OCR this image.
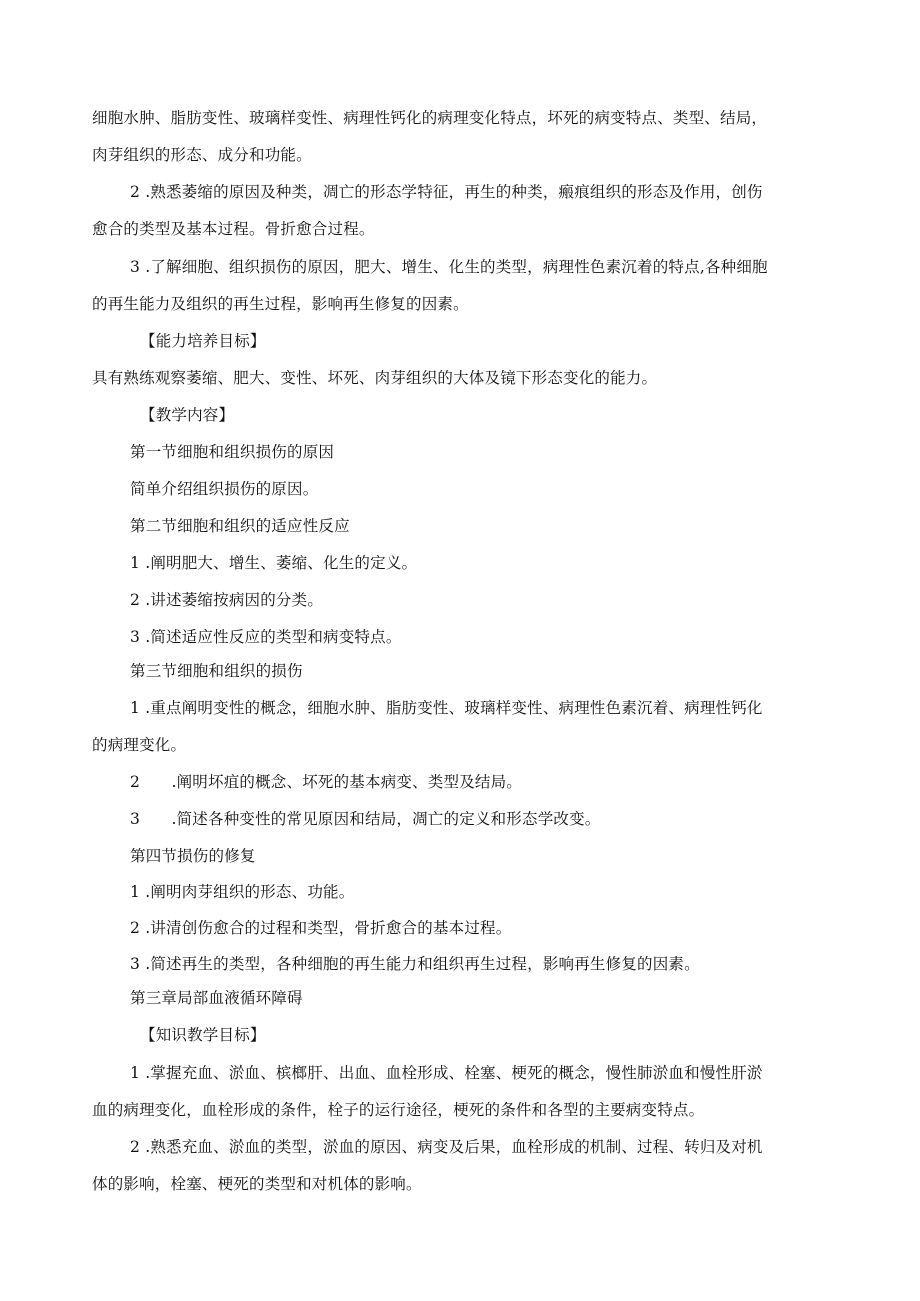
细胞水肿、脂肪变性、玻璃样变性、病理性钙化的病理变化特点，坏死的病变特点、类型、结局，

肉芽组织的形态、成分和功能。

2 .熟悉萎缩的原因及种类，凋亡的形态学特征，再生的种类，瘢痕组织的形态及作用，创伤

愈合的类型及基本过程。骨折愈合过程。

3 .了解细胞、组织损伤的原因，肥大、增生、化生的类型，病理性色素沉着的特点,各种细胞

的再生能力及组织的再生过程，影响再生修复的因素。

【能力培养目标】

具有熟练观察萎缩、肥大、变性、坏死、肉芽组织的大体及镜下形态变化的能力。

【教学内容】

第一节细胞和组织损伤的原因

简单介绍组织损伤的原因。

第二节细胞和组织的适应性反应

1 .阐明肥大、增生、萎缩、化生的定义。

2 .讲述萎缩按病因的分类。

3 .简述适应性反应的类型和病变特点。

第三节细胞和组织的损伤

1 .重点阐明变性的概念，细胞水肿、脂肪变性、玻璃样变性、病理性色素沉着、病理性钙化

的病理变化。

2　　.阐明坏疽的概念、坏死的基本病变、类型及结局。

3　　.简述各种变性的常见原因和结局，凋亡的定义和形态学改变。

第四节损伤的修复

1 .阐明肉芽组织的形态、功能。

2 .讲清创伤愈合的过程和类型，骨折愈合的基本过程。

3 .简述再生的类型，各种细胞的再生能力和组织再生过程，影响再生修复的因素。

第三章局部血液循环障碍

【知识教学目标】

1 .掌握充血、淤血、槟榔肝、出血、血栓形成、栓塞、梗死的概念，慢性肺淤血和慢性肝淤

血的病理变化，血栓形成的条件，栓子的运行途径，梗死的条件和各型的主要病变特点。

2 .熟悉充血、淤血的类型，淤血的原因、病变及后果，血栓形成的机制、过程、转归及对机

体的影响，栓塞、梗死的类型和对机体的影响。
